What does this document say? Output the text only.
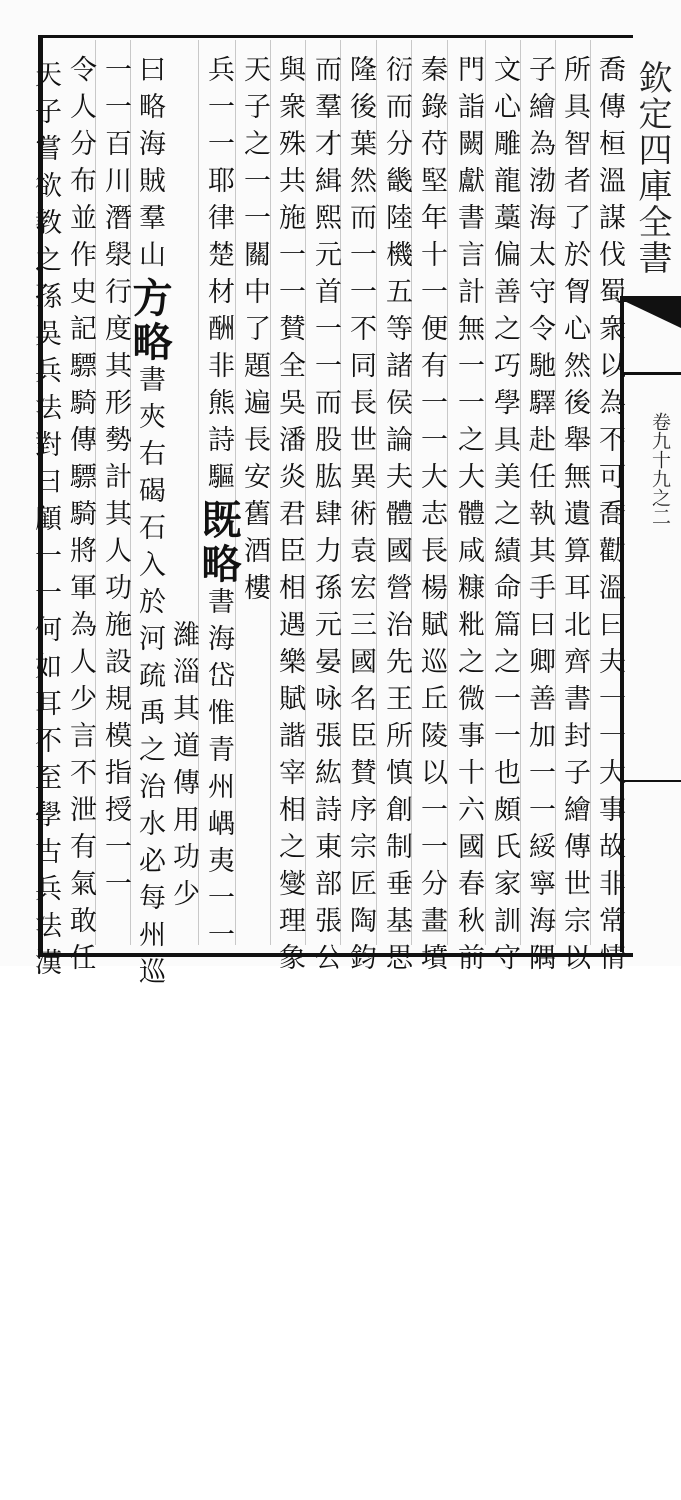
欽定四庫全書
卷九十九之二
喬傳桓溫謀伐蜀衆以為不可喬勸溫曰夫一一大事故非常情
所具智者了於胷心然後舉無遺算耳北齊書封子繪傳世宗以
子繪為渤海太守令馳驛赴任執其手曰卿善加一一綏寧海隅
文心雕龍藁偏善之巧學具美之績命篇之一一也頗氏家訓守
門詣闕獻書言計無一一之大體咸糠粃之微事十六國春秋前
秦錄苻堅年十一便有一一大志長楊賦巡丘陵以一一分畫墳
衍而分畿陸機五等諸侯論夫體國營治先王所慎創制垂基思
隆後葉然而一一不同長世異術袁宏三國名臣賛序宗匠陶鈞
而羣才緝熙元首一一而股肱肆力孫元晏咏張紘詩東部張公
與衆殊共施一一賛全吳潘炎君臣相遇樂賦諧宰相之燮理象
天子之一一關中了題遍長安舊酒樓
兵一一耶律楚材酬非熊詩驅既略書海岱惟青州嵎夷一一
濰淄其道傳用功少
曰略海賊羣山方略書夾右碣石入於河疏禹之治水必每州巡
一一百川潛澩行度其形勢計其人功施設規模指授一一
令人分布並作史記驃騎傳驃騎將軍為人少言不泄有氣敢任
天子嘗欲教之孫吳兵法對曰顧一一何如耳不至學古兵法漢
